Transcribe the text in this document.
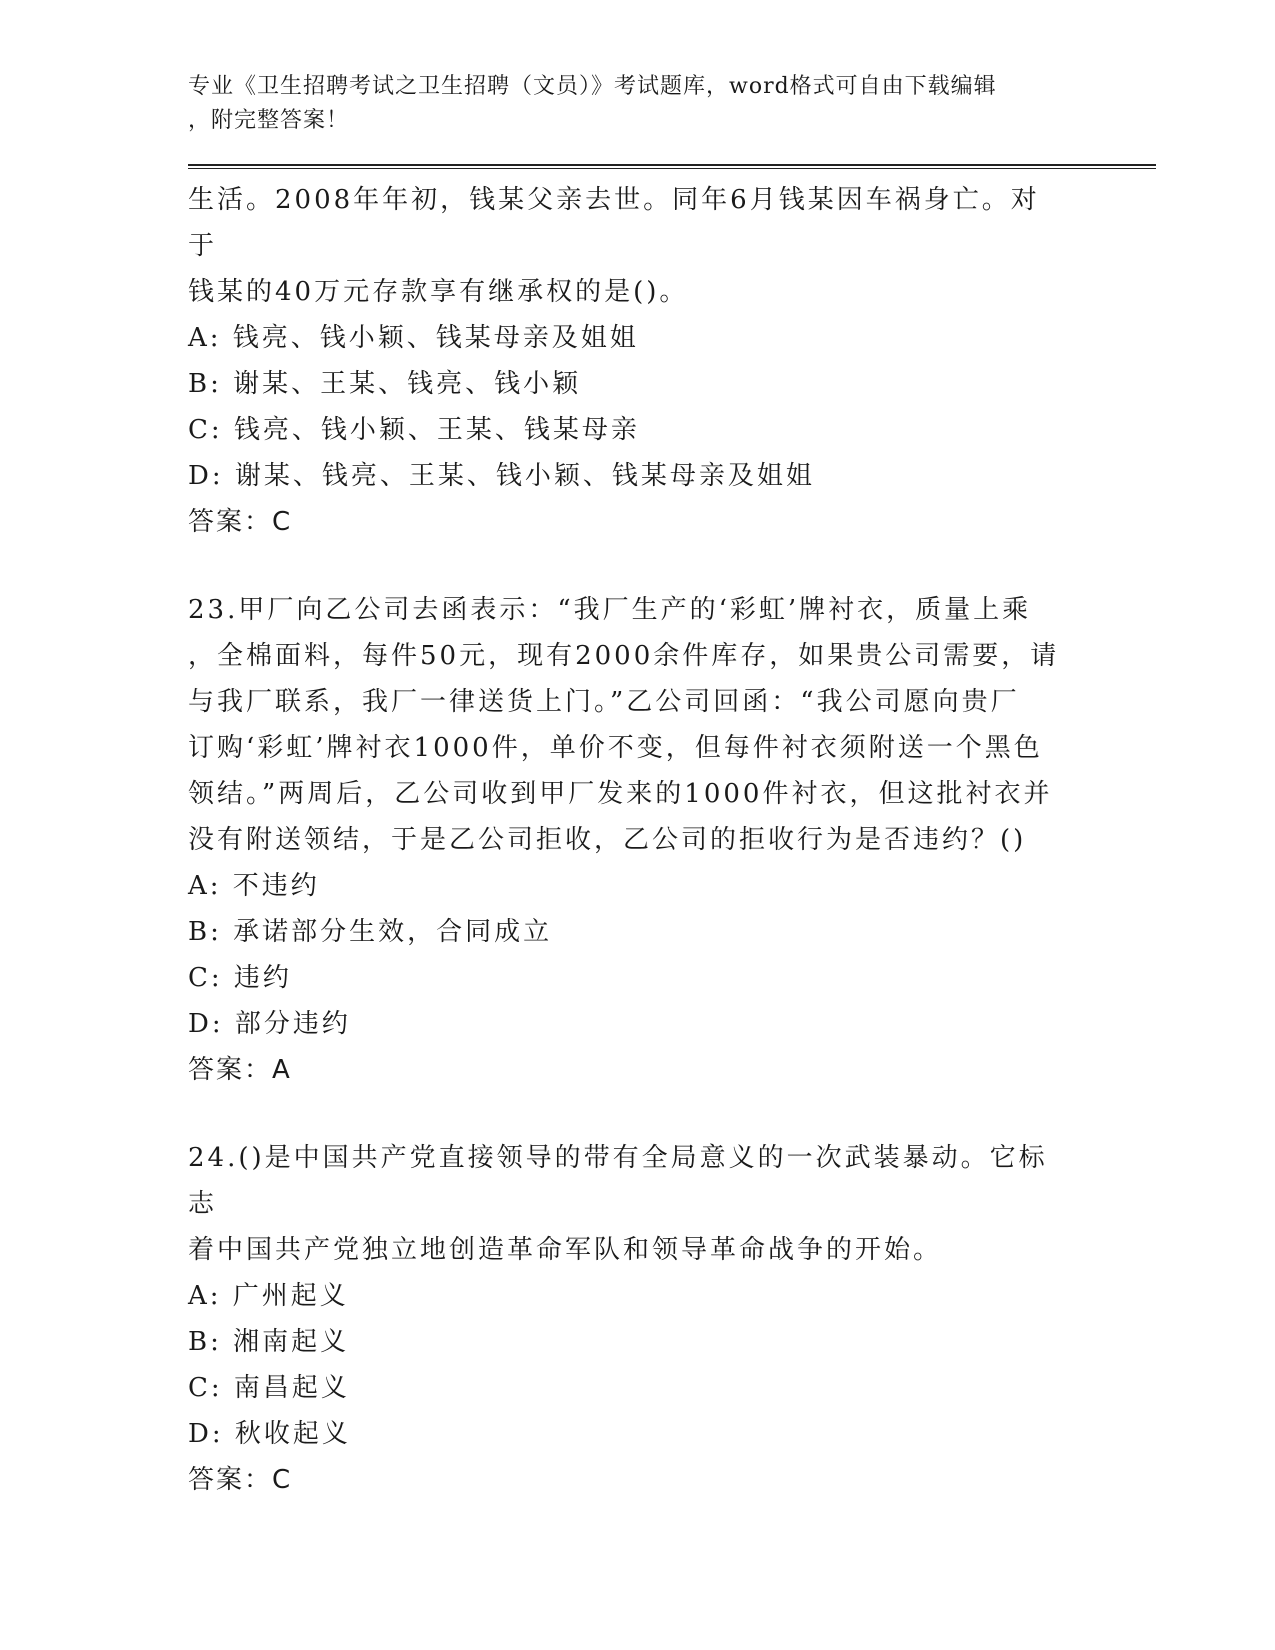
专业《卫生招聘考试之卫生招聘（文员）》考试题库，word格式可自由下载编辑
，附完整答案！
生活。2008年年初，钱某父亲去世。同年6月钱某因车祸身亡。对于
钱某的40万元存款享有继承权的是()。
A: 钱亮、钱小颖、钱某母亲及姐姐
B: 谢某、王某、钱亮、钱小颖
C: 钱亮、钱小颖、王某、钱某母亲
D: 谢某、钱亮、王某、钱小颖、钱某母亲及姐姐
答案：C
23.甲厂向乙公司去函表示：“我厂生产的‘彩虹’牌衬衣，质量上乘
，全棉面料，每件50元，现有2000余件库存，如果贵公司需要，请
与我厂联系，我厂一律送货上门。”乙公司回函：“我公司愿向贵厂
订购‘彩虹’牌衬衣1000件，单价不变，但每件衬衣须附送一个黑色
领结。”两周后，乙公司收到甲厂发来的1000件衬衣，但这批衬衣并
没有附送领结，于是乙公司拒收，乙公司的拒收行为是否违约？()
A: 不违约
B: 承诺部分生效，合同成立
C: 违约
D: 部分违约
答案：A
24.()是中国共产党直接领导的带有全局意义的一次武装暴动。它标志
着中国共产党独立地创造革命军队和领导革命战争的开始。
A: 广州起义
B: 湘南起义
C: 南昌起义
D: 秋收起义
答案：C
